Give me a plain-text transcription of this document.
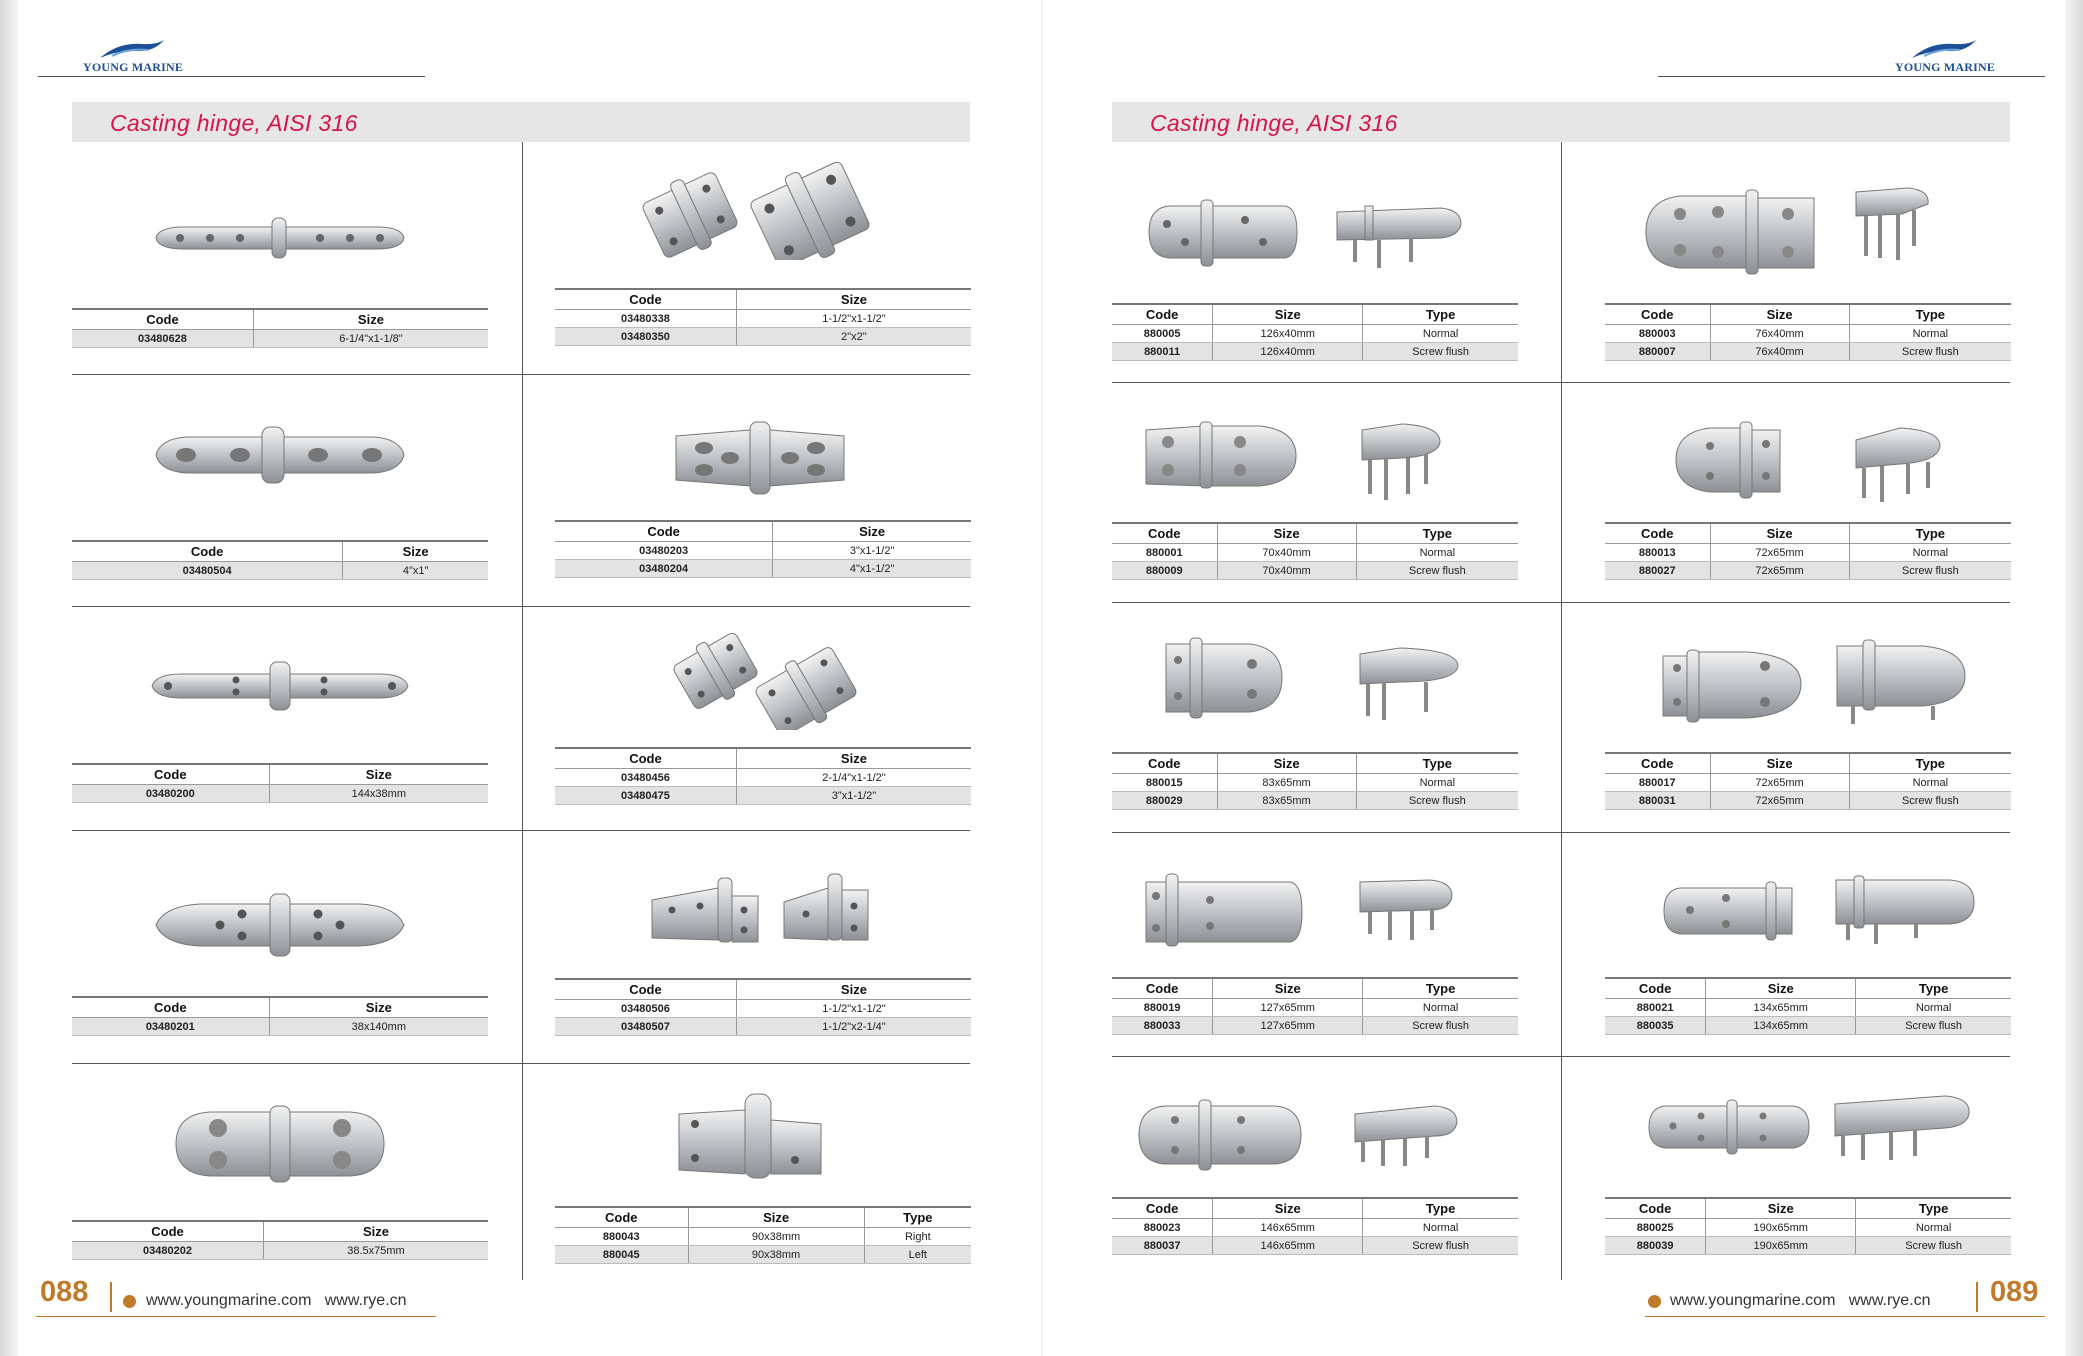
YOUNG MARINE	YOUNG MARINE
Casting hinge, AISI 316	Casting hinge, AISI 316
Code	Size
03480628	6-1/4"x1-1/8"
Code	Size
03480504	4"x1"
Code	Size
03480200	144x38mm
Code	Size
03480201	38x140mm
Code	Size
03480202	38.5x75mm
Code	Size
03480338	1-1/2"x1-1/2"
03480350	2"x2"
Code	Size
03480203	3"x1-1/2"
03480204	4"x1-1/2"
Code	Size
03480456	2-1/4"x1-1/2"
03480475	3"x1-1/2"
Code	Size
03480506	1-1/2"x1-1/2"
03480507	1-1/2"x2-1/4"
Code	Size	Type
880043	90x38mm	Right
880045	90x38mm	Left
Code	Size	Type
880005	126x40mm	Normal
880011	126x40mm	Screw flush
Code	Size	Type
880001	70x40mm	Normal
880009	70x40mm	Screw flush
Code	Size	Type
880015	83x65mm	Normal
880029	83x65mm	Screw flush
Code	Size	Type
880019	127x65mm	Normal
880033	127x65mm	Screw flush
Code	Size	Type
880023	146x65mm	Normal
880037	146x65mm	Screw flush
Code	Size	Type
880003	76x40mm	Normal
880007	76x40mm	Screw flush
Code	Size	Type
880013	72x65mm	Normal
880027	72x65mm	Screw flush
Code	Size	Type
880017	72x65mm	Normal
880031	72x65mm	Screw flush
Code	Size	Type
880021	134x65mm	Normal
880035	134x65mm	Screw flush
Code	Size	Type
880025	190x65mm	Normal
880039	190x65mm	Screw flush
088	www.youngmarine.com   www.rye.cn	089
www.youngmarine.com   www.rye.cn
